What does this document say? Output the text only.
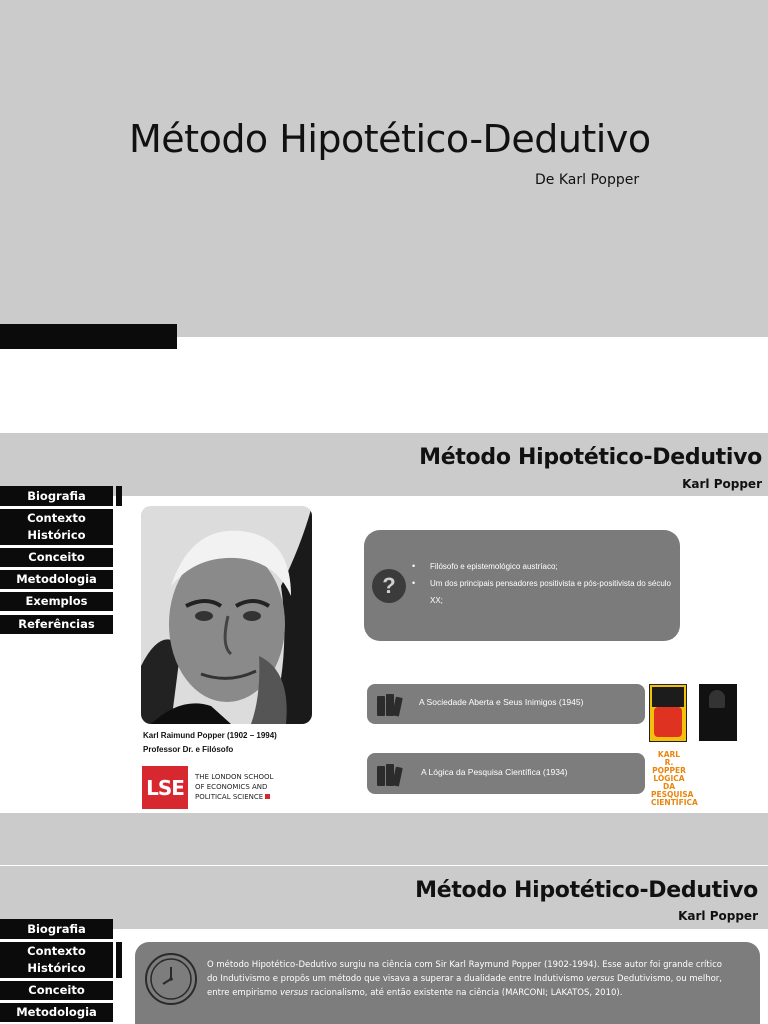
Método Hipotético-Dedutivo
De Karl Popper
Método Hipotético-Dedutivo
Karl Popper
Biografia
Contexto
Histórico
Conceito
Metodologia
Exemplos
Referências
Karl Raimund Popper (1902 – 1994)
Professor Dr. e Filósofo
LSE	THE LONDON SCHOOL
OF ECONOMICS AND
POLITICAL SCIENCE
?
• Filósofo e epistemológico austríaco;
• Um dos principais pensadores positivista e pós-positivista do século XX;
A Sociedade Aberta e Seus Inimigos (1945)
A Lógica da Pesquisa Científica (1934)
KARL
R. POPPER
LÓGICA DA
PESQUISA
CIENTÍFICA
Método Hipotético-Dedutivo
Karl Popper
Biografia
Contexto
Histórico
Conceito
Metodologia
O método Hipotético-Dedutivo surgiu na ciência com Sir Karl Raymund Popper (1902-1994). Esse autor foi grande crítico do Indutivismo e propôs um método que visava a superar a dualidade entre Indutivismo versus Dedutivismo, ou melhor, entre empirismo versus racionalismo, até então existente na ciência (MARCONI; LAKATOS, 2010).
